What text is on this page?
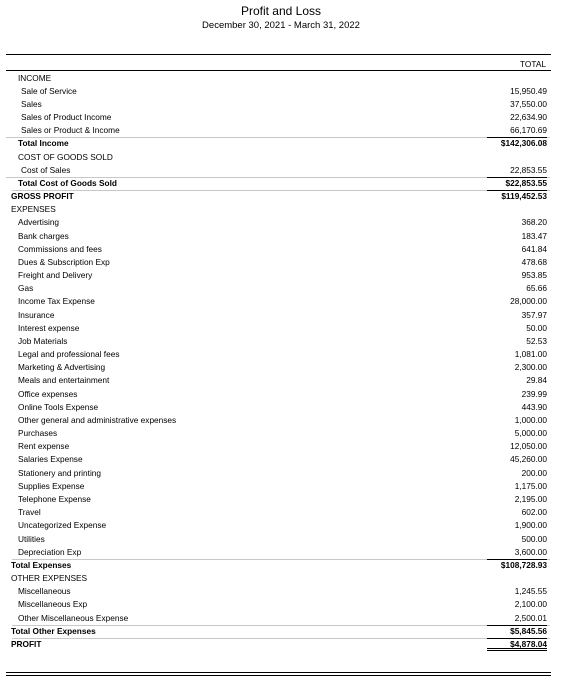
Profit and Loss
December 30, 2021 - March 31, 2022
TOTAL
INCOME
Sale of Service	15,950.49
Sales	37,550.00
Sales of Product Income	22,634.90
Sales or Product & Income	66,170.69
Total Income	$142,306.08
COST OF GOODS SOLD
Cost of Sales	22,853.55
Total Cost of Goods Sold	$22,853.55
GROSS PROFIT	$119,452.53
EXPENSES
Advertising	368.20
Bank charges	183.47
Commissions and fees	641.84
Dues & Subscription Exp	478.68
Freight and Delivery	953.85
Gas	65.66
Income Tax Expense	28,000.00
Insurance	357.97
Interest expense	50.00
Job Materials	52.53
Legal and professional fees	1,081.00
Marketing & Advertising	2,300.00
Meals and entertainment	29.84
Office expenses	239.99
Online Tools Expense	443.90
Other general and administrative expenses	1,000.00
Purchases	5,000.00
Rent expense	12,050.00
Salaries Expense	45,260.00
Stationery and printing	200.00
Supplies Expense	1,175.00
Telephone Expense	2,195.00
Travel	602.00
Uncategorized Expense	1,900.00
Utilities	500.00
Depreciation Exp	3,600.00
Total Expenses	$108,728.93
OTHER EXPENSES
Miscellaneous	1,245.55
Miscellaneous Exp	2,100.00
Other Miscellaneous Expense	2,500.01
Total Other Expenses	$5,845.56
PROFIT	$4,878.04
